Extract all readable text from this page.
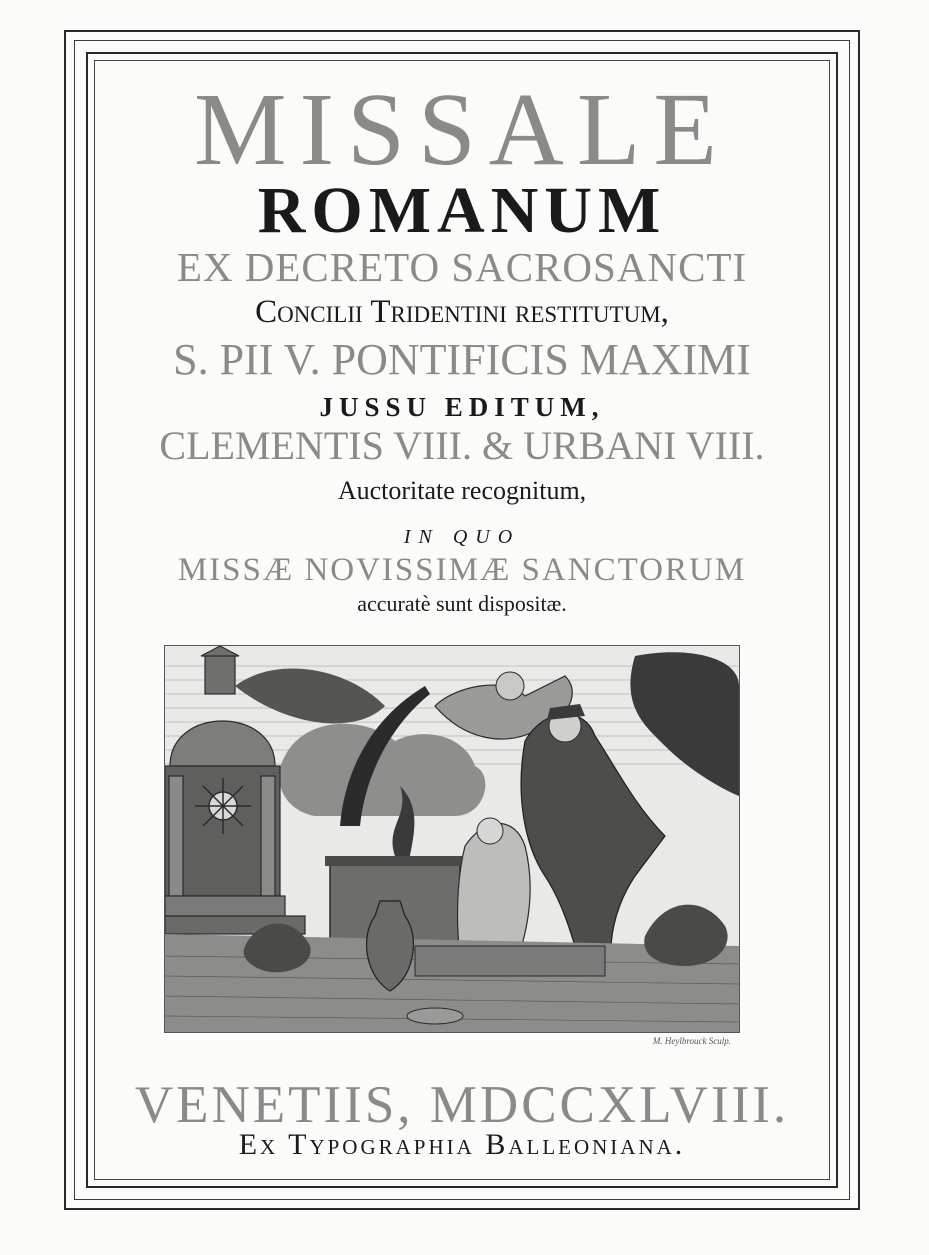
MISSALE
ROMANUM
EX DECRETO SACROSANCTI
Concilii Tridentini restitutum,
S. PII V. PONTIFICIS MAXIMI
JUSSU EDITUM,
CLEMENTIS VIII. & URBANI VIII.
Auctoritate recognitum,
IN QUO
MISSÆ NOVISSIMÆ SANCTORUM
accuratè sunt dispositæ.
M. Heylbrouck Sculp.
VENETIIS, MDCCXLVIII.
Ex Typographia Balleoniana.
